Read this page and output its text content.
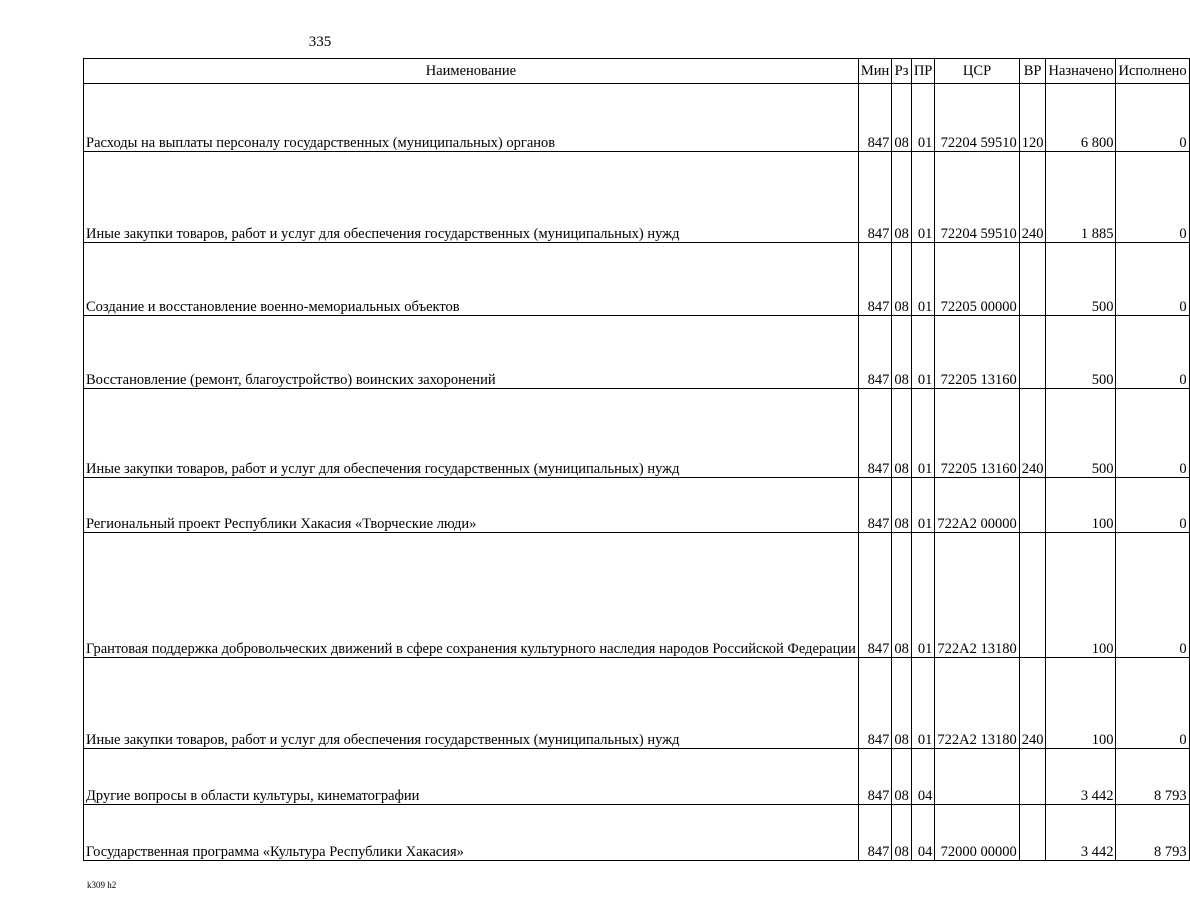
335
Наименование	Мин	Рз	ПР	ЦСР	ВР	Назначено	Исполнено
Расходы на выплаты персоналу государственных (муниципальных) органов	847	08	01	72204 59510	120	6 800	0
Иные закупки товаров, работ и услуг для обеспечения государственных (муниципальных) нужд	847	08	01	72204 59510	240	1 885	0
Создание и восстановление военно-мемориальных объектов	847	08	01	72205 00000		500	0
Восстановление (ремонт, благоустройство) воинских захоронений	847	08	01	72205 13160		500	0
Иные закупки товаров, работ и услуг для обеспечения государственных (муниципальных) нужд	847	08	01	72205 13160	240	500	0
Региональный проект Республики Хакасия «Творческие люди»	847	08	01	722А2 00000		100	0
Грантовая поддержка добровольческих движений в сфере сохранения культурного наследия народов Российской Федерации	847	08	01	722А2 13180		100	0
Иные закупки товаров, работ и услуг для обеспечения государственных (муниципальных) нужд	847	08	01	722А2 13180	240	100	0
Другие вопросы в области культуры, кинематографии	847	08	04			3 442	8 793
Государственная программа «Культура Республики Хакасия»	847	08	04	72000 00000		3 442	8 793
k309 h2
